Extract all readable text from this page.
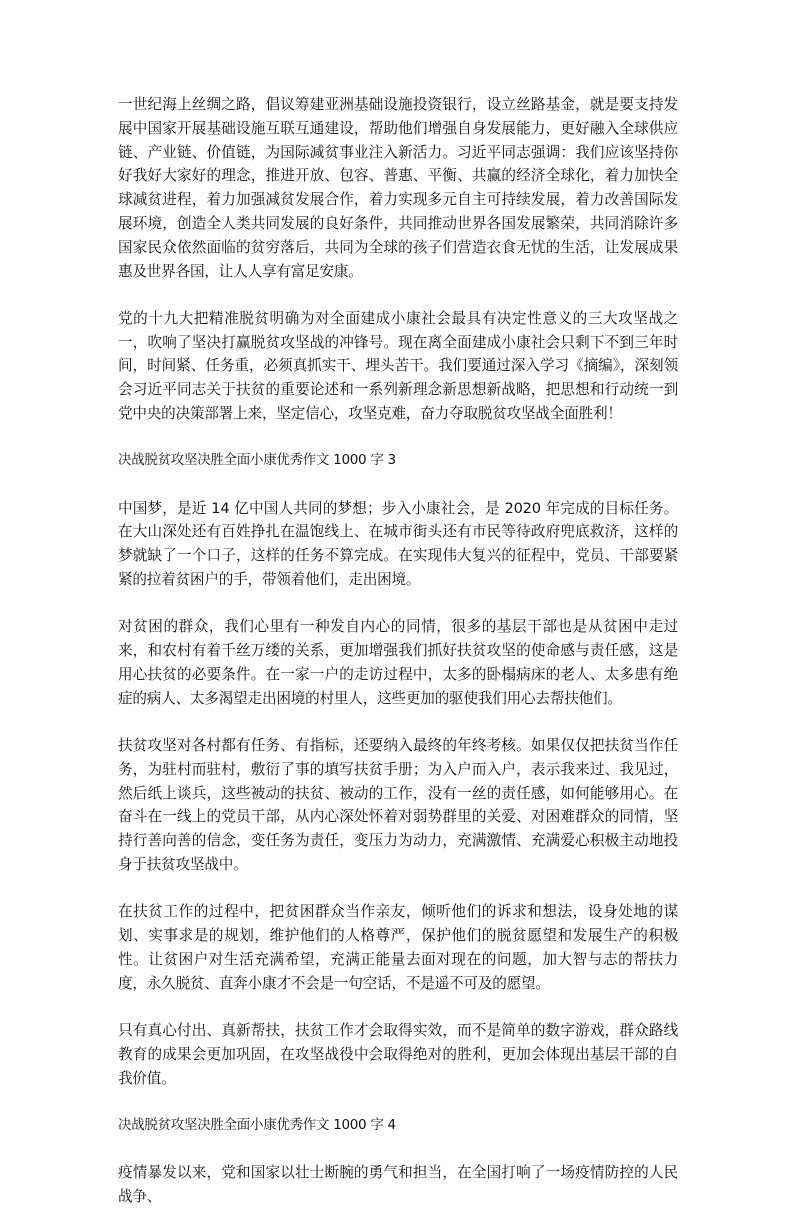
一世纪海上丝绸之路，倡议筹建亚洲基础设施投资银行，设立丝路基金，就是要支持发展中国家开展基础设施互联互通建设，帮助他们增强自身发展能力，更好融入全球供应链、产业链、价值链，为国际减贫事业注入新活力。习近平同志强调：我们应该坚持你好我好大家好的理念，推进开放、包容、普惠、平衡、共赢的经济全球化，着力加快全球减贫进程，着力加强减贫发展合作，着力实现多元自主可持续发展，着力改善国际发展环境，创造全人类共同发展的良好条件，共同推动世界各国发展繁荣，共同消除许多国家民众依然面临的贫穷落后，共同为全球的孩子们营造衣食无忧的生活，让发展成果惠及世界各国，让人人享有富足安康。

党的十九大把精准脱贫明确为对全面建成小康社会最具有决定性意义的三大攻坚战之一，吹响了坚决打赢脱贫攻坚战的冲锋号。现在离全面建成小康社会只剩下不到三年时间，时间紧、任务重，必须真抓实干、埋头苦干。我们要通过深入学习《摘编》，深刻领会习近平同志关于扶贫的重要论述和一系列新理念新思想新战略，把思想和行动统一到党中央的决策部署上来，坚定信心，攻坚克难，奋力夺取脱贫攻坚战全面胜利！

决战脱贫攻坚决胜全面小康优秀作文 1000 字 3

中国梦，是近 14 亿中国人共同的梦想；步入小康社会，是 2020 年完成的目标任务。在大山深处还有百姓挣扎在温饱线上、在城市街头还有市民等待政府兜底救济，这样的梦就缺了一个口子，这样的任务不算完成。在实现伟大复兴的征程中，党员、干部要紧紧的拉着贫困户的手，带领着他们，走出困境。

对贫困的群众，我们心里有一种发自内心的同情，很多的基层干部也是从贫困中走过来，和农村有着千丝万缕的关系，更加增强我们抓好扶贫攻坚的使命感与责任感，这是用心扶贫的必要条件。在一家一户的走访过程中，太多的卧榻病床的老人、太多患有绝症的病人、太多渴望走出困境的村里人，这些更加的驱使我们用心去帮扶他们。

扶贫攻坚对各村都有任务、有指标，还要纳入最终的年终考核。如果仅仅把扶贫当作任务，为驻村而驻村，敷衍了事的填写扶贫手册；为入户而入户，表示我来过、我见过，然后纸上谈兵，这些被动的扶贫、被动的工作，没有一丝的责任感，如何能够用心。在奋斗在一线上的党员干部，从内心深处怀着对弱势群里的关爱、对困难群众的同情，坚持行善向善的信念，变任务为责任，变压力为动力，充满激情、充满爱心积极主动地投身于扶贫攻坚战中。

在扶贫工作的过程中，把贫困群众当作亲友，倾听他们的诉求和想法，设身处地的谋划、实事求是的规划，维护他们的人格尊严，保护他们的脱贫愿望和发展生产的积极性。让贫困户对生活充满希望，充满正能量去面对现在的问题，加大智与志的帮扶力度，永久脱贫、直奔小康才不会是一句空话，不是遥不可及的愿望。

只有真心付出、真新帮扶，扶贫工作才会取得实效，而不是简单的数字游戏，群众路线教育的成果会更加巩固，在攻坚战役中会取得绝对的胜利，更加会体现出基层干部的自我价值。

决战脱贫攻坚决胜全面小康优秀作文 1000 字 4

疫情暴发以来，党和国家以壮士断腕的勇气和担当，在全国打响了一场疫情防控的人民战争、
